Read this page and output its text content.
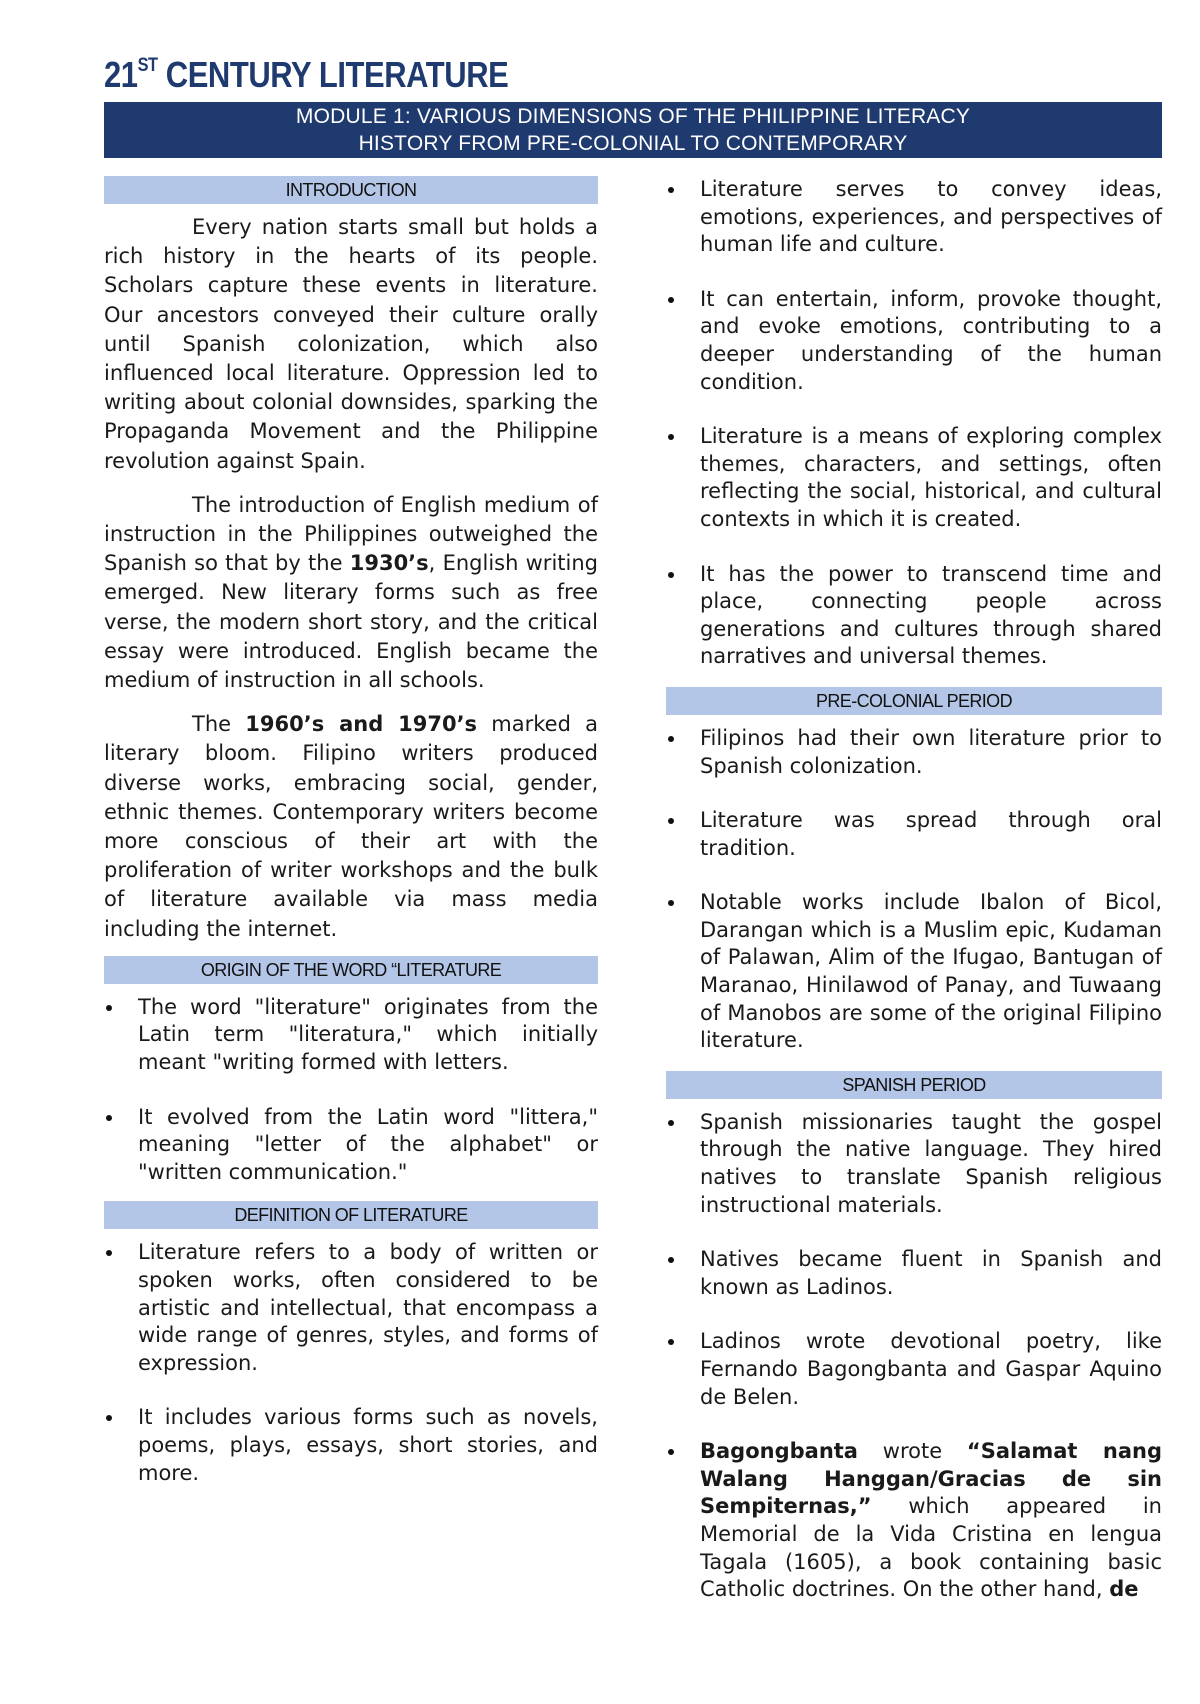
21ST CENTURY LITERATURE
MODULE 1: VARIOUS DIMENSIONS OF THE PHILIPPINE LITERACY
HISTORY FROM PRE-COLONIAL TO CONTEMPORARY
INTRODUCTION

Every nation starts small but holds a rich history in the hearts of its people. Scholars capture these events in literature. Our ancestors conveyed their culture orally until Spanish colonization, which also influenced local literature. Oppression led to writing about colonial downsides, sparking the Propaganda Movement and the Philippine revolution against Spain.

The introduction of English medium of instruction in the Philippines outweighed the Spanish so that by the 1930’s, English writing emerged. New literary forms such as free verse, the modern short story, and the critical essay were introduced. English became the medium of instruction in all schools.

The 1960’s and 1970’s marked a literary bloom. Filipino writers produced diverse works, embracing social, gender, ethnic themes. Contemporary writers become more conscious of their art with the proliferation of writer workshops and the bulk of literature available via mass media including the internet.

ORIGIN OF THE WORD “LITERATURE
The word "literature" originates from the Latin term "literatura," which initially meant "writing formed with letters.
It evolved from the Latin word "littera," meaning "letter of the alphabet" or "written communication."
DEFINITION OF LITERATURE
Literature refers to a body of written or spoken works, often considered to be artistic and intellectual, that encompass a wide range of genres, styles, and forms of expression.
It includes various forms such as novels, poems, plays, essays, short stories, and more.
Literature serves to convey ideas, emotions, experiences, and perspectives of human life and culture.
It can entertain, inform, provoke thought, and evoke emotions, contributing to a deeper understanding of the human condition.
Literature is a means of exploring complex themes, characters, and settings, often reflecting the social, historical, and cultural contexts in which it is created.
It has the power to transcend time and place, connecting people across generations and cultures through shared narratives and universal themes.
PRE-COLONIAL PERIOD
Filipinos had their own literature prior to Spanish colonization.
Literature was spread through oral tradition.
Notable works include Ibalon of Bicol, Darangan which is a Muslim epic, Kudaman of Palawan, Alim of the Ifugao, Bantugan of Maranao, Hinilawod of Panay, and Tuwaang of Manobos are some of the original Filipino literature.
SPANISH PERIOD
Spanish missionaries taught the gospel through the native language. They hired natives to translate Spanish religious instructional materials.
Natives became fluent in Spanish and known as Ladinos.
Ladinos wrote devotional poetry, like Fernando Bagongbanta and Gaspar Aquino de Belen.
Bagongbanta wrote “Salamat nang Walang Hanggan/Gracias de sin Sempiternas,” which appeared in Memorial de la Vida Cristina en lengua Tagala (1605), a book containing basic Catholic doctrines. On the other hand, de
